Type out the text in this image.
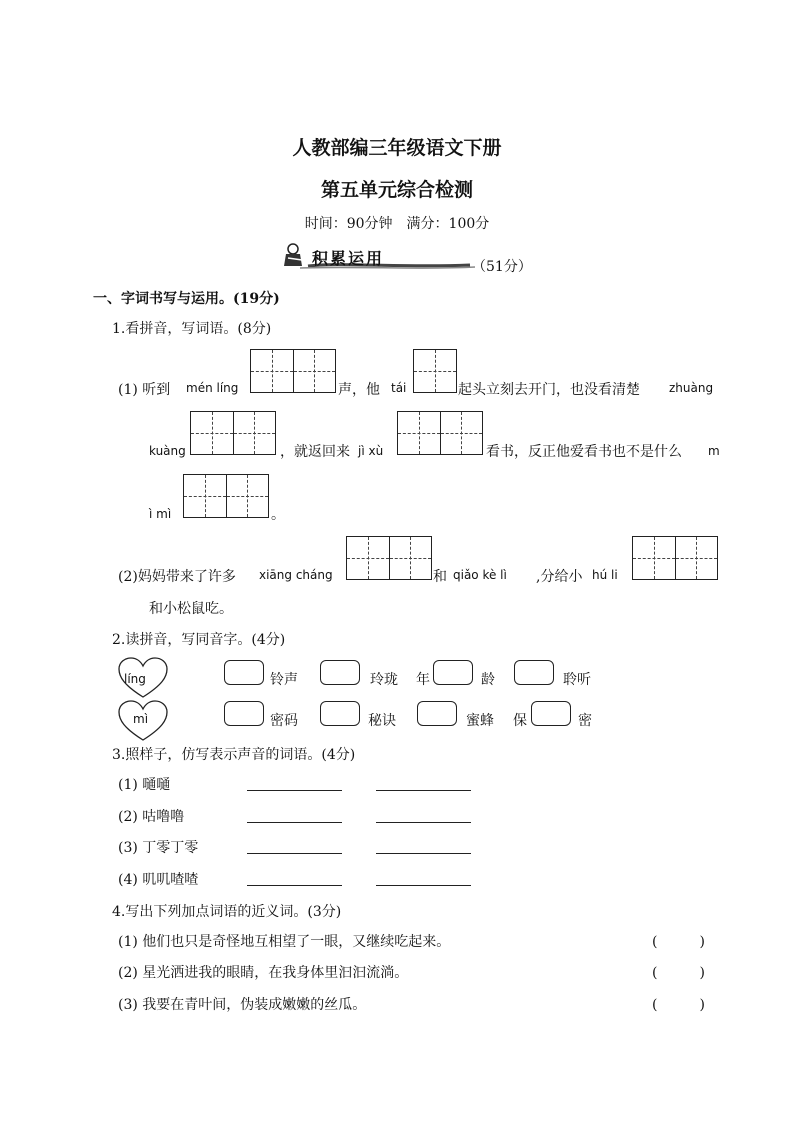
人教部编三年级语文下册
第五单元综合检测
时间：90分钟　满分：100分
积累运用	（51分）
一、字词书写与运用。(19分)
1.看拼音，写词语。(8分)
(1) 听到 mén líng	声，他 tái	起头立刻去开门，也没看清楚 zhuàng
kuàng	，就返回来 jì xù	看书，反正他爱看书也不是什么 m
ì mì	。
(2)妈妈带来了许多 xiāng cháng	和 qiǎo kè lì ,分给小 hú li
和小松鼠吃。
2.读拼音，写同音字。(4分)
líng
mì
铃声	玲珑 年	龄	聆听
密码	秘诀	蜜蜂 保	密
3.照样子，仿写表示声音的词语。(4分)
(1) 嗵嗵
(2) 咕噜噜
(3) 丁零丁零
(4) 叽叽喳喳
4.写出下列加点词语的近义词。(3分)
(1) 他们也只是奇怪地互相望了一眼，又继续吃起来。	(　　　)
(2) 星光洒进我的眼睛，在我身体里汩汩流淌。	(　　　)
(3) 我要在青叶间，伪装成嫩嫩的丝瓜。	(　　　)
